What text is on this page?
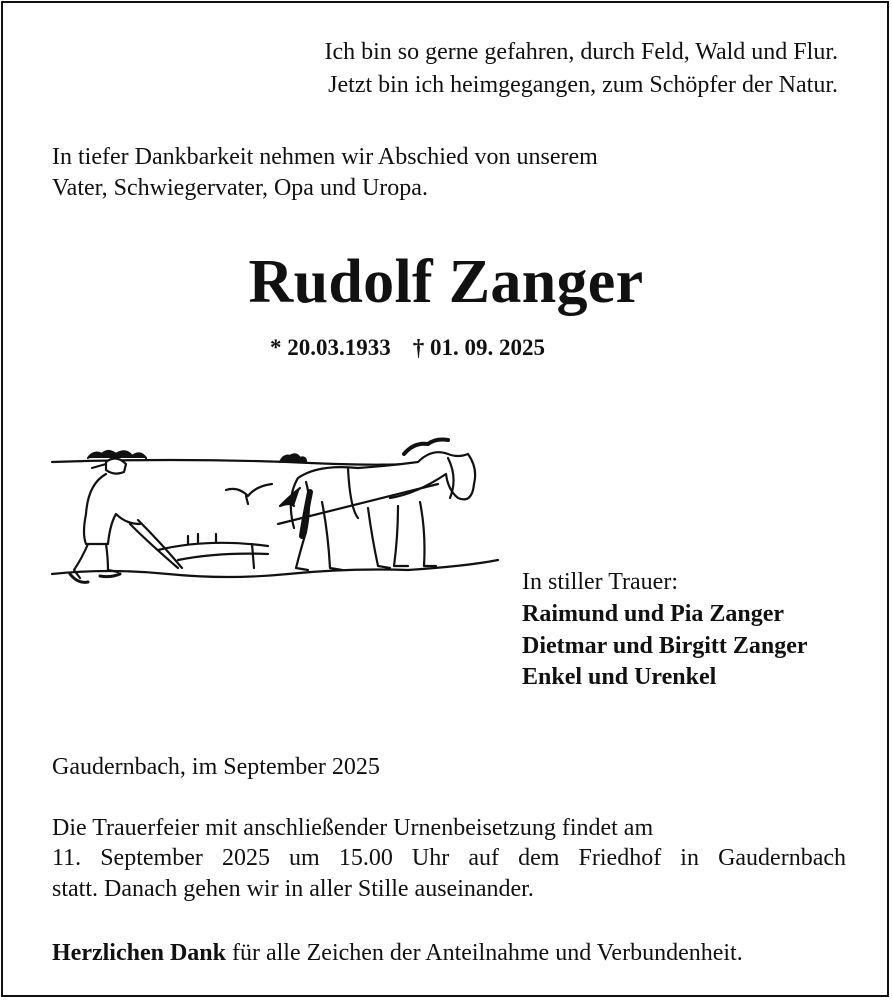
Ich bin so gerne gefahren, durch Feld, Wald und Flur.
Jetzt bin ich heimgegangen, zum Schöpfer der Natur.
In tiefer Dankbarkeit nehmen wir Abschied von unserem
Vater, Schwiegervater, Opa und Uropa.
Rudolf Zanger
* 20.03.1933 † 01. 09. 2025
In stiller Trauer:
Raimund und Pia Zanger
Dietmar und Birgitt Zanger
Enkel und Urenkel
Gaudernbach, im September 2025
Die Trauerfeier mit anschließender Urnenbeisetzung findet am
11. September 2025 um 15.00 Uhr auf dem Friedhof in Gaudernbach
statt. Danach gehen wir in aller Stille auseinander.
Herzlichen Dank für alle Zeichen der Anteilnahme und Verbundenheit.
